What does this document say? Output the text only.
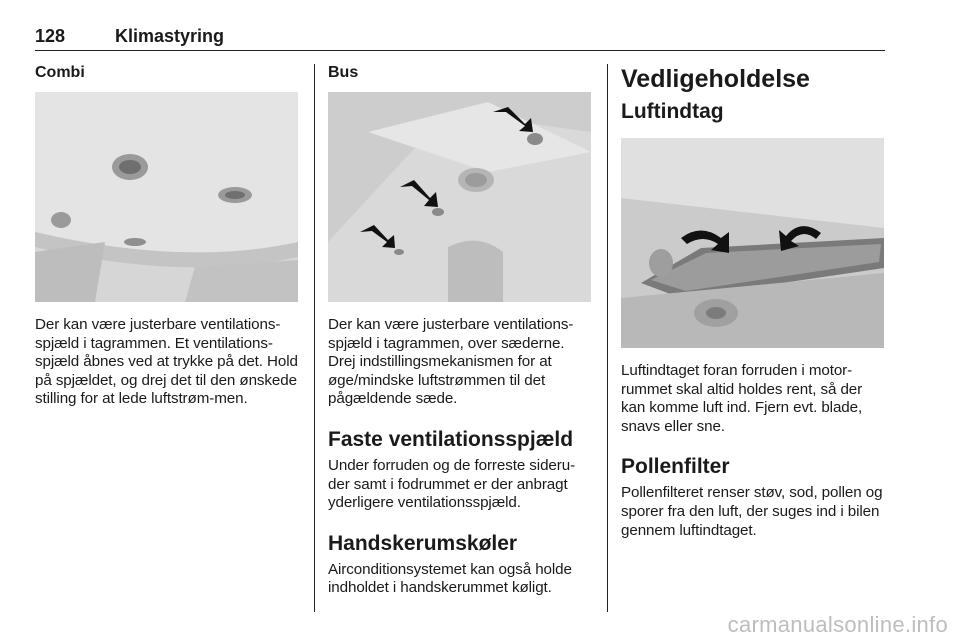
128	Klimastyring
Combi

Der kan være justerbare ventilations-spjæld i tagrammen. Et ventilations-spjæld åbnes ved at trykke på det. Hold på spjældet, og drej det til den ønskede stilling for at lede luftstrøm-men.

Bus

Der kan være justerbare ventilations-spjæld i tagrammen, over sæderne. Drej indstillingsmekanismen for at øge/mindske luftstrømmen til det pågældende sæde.

Faste ventilationsspjæld

Under forruden og de forreste sideru-der samt i fodrummet er der anbragt yderligere ventilationsspjæld.

Handskerumskøler

Airconditionsystemet kan også holde indholdet i handskerummet køligt.

Vedligeholdelse
Luftindtag

Luftindtaget foran forruden i motor-rummet skal altid holdes rent, så der kan komme luft ind. Fjern evt. blade, snavs eller sne.

Pollenfilter

Pollenfilteret renser støv, sod, pollen og sporer fra den luft, der suges ind i bilen gennem luftindtaget.

carmanualsonline.info
